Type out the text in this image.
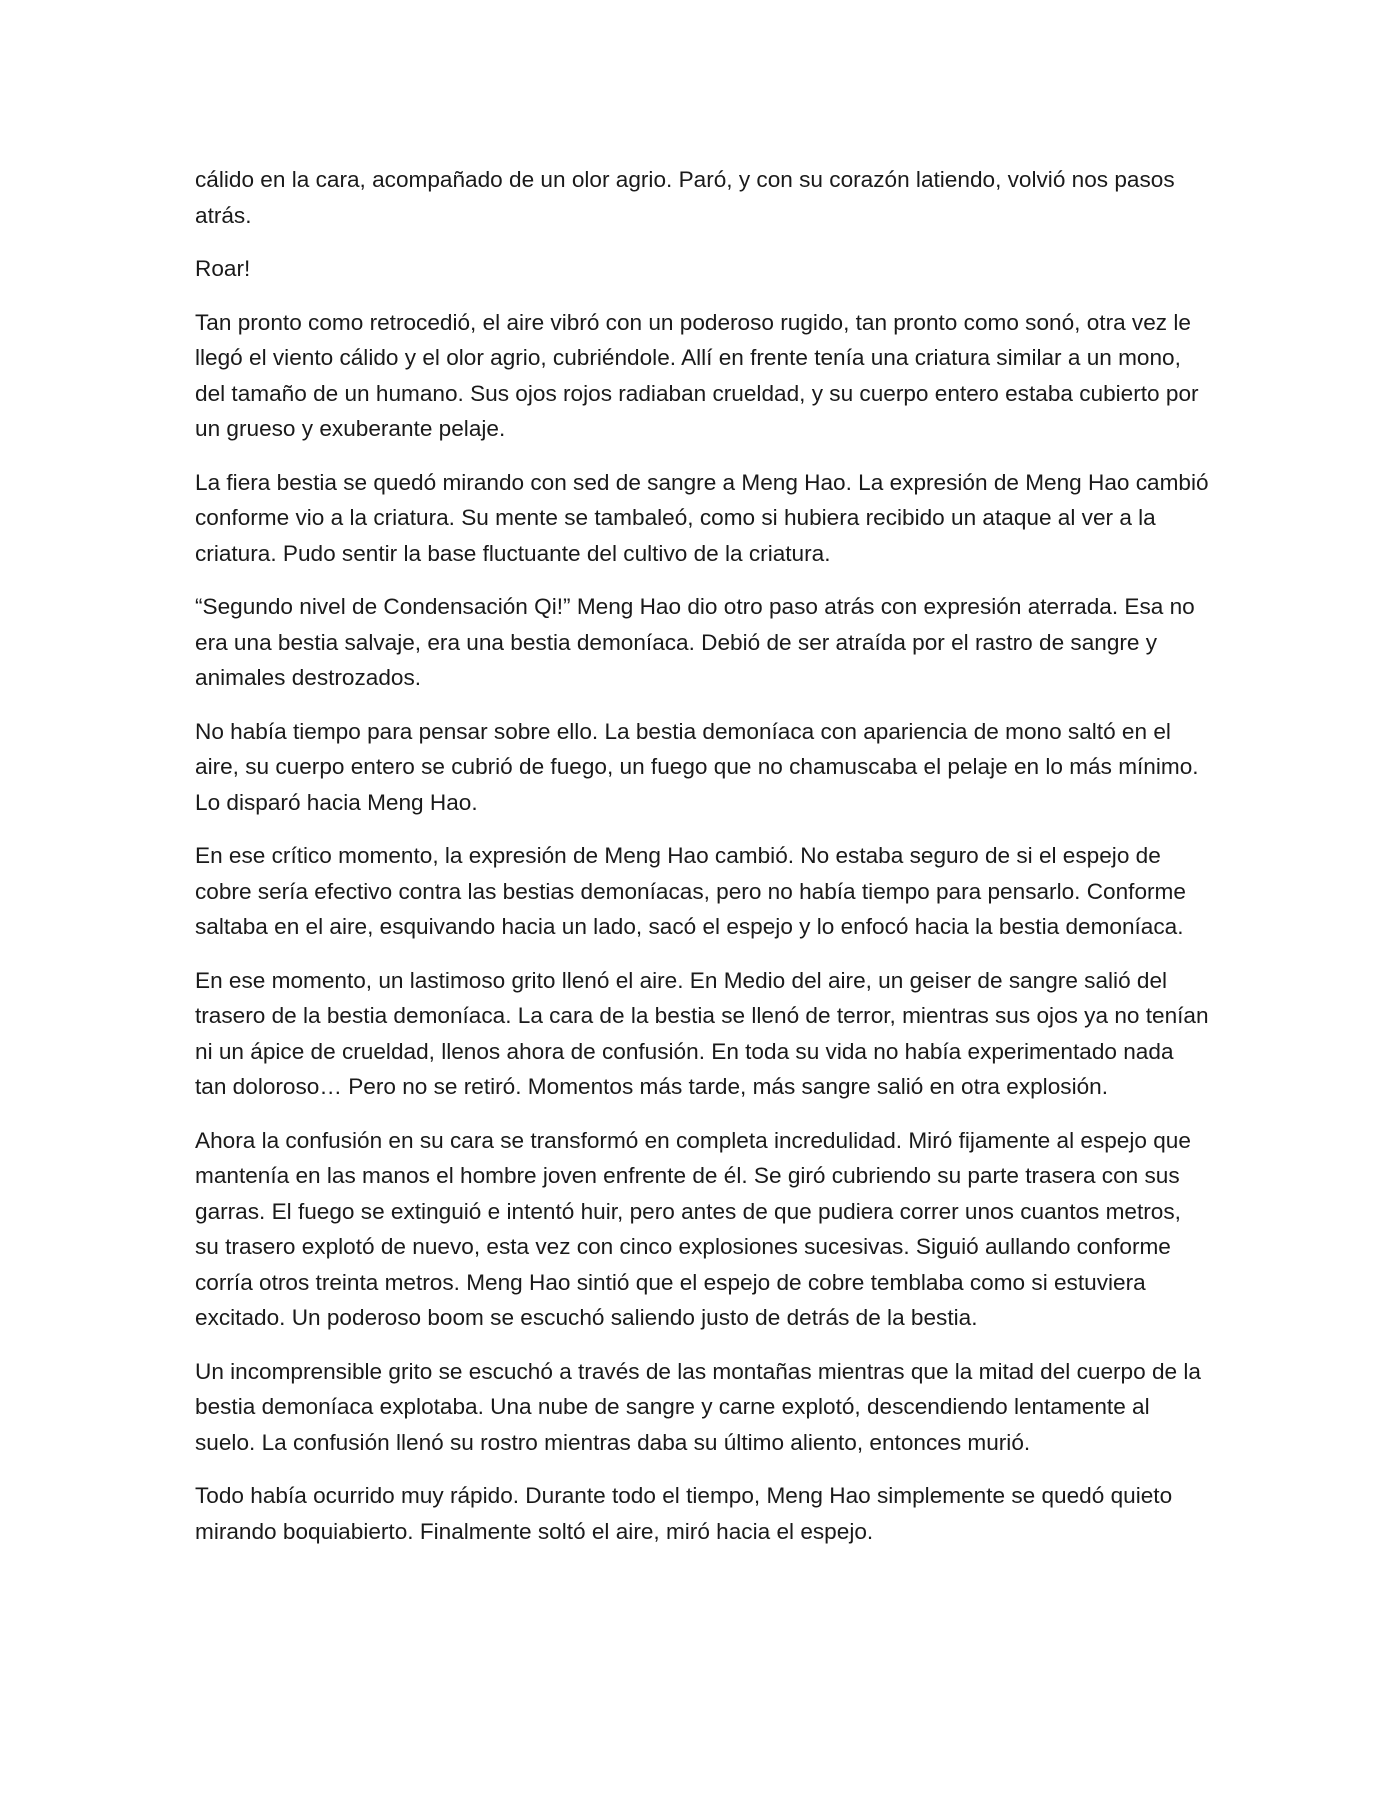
cálido en la cara, acompañado de un olor agrio. Paró, y con su corazón latiendo, volvió nos pasos atrás.

Roar!

Tan pronto como retrocedió, el aire vibró con un poderoso rugido, tan pronto como sonó, otra vez le llegó el viento cálido y el olor agrio, cubriéndole. Allí en frente tenía una criatura similar a un mono, del tamaño de un humano. Sus ojos rojos radiaban crueldad, y su cuerpo entero estaba cubierto por un grueso y exuberante pelaje.

La fiera bestia se quedó mirando con sed de sangre a Meng Hao. La expresión de Meng Hao cambió conforme vio a la criatura. Su mente se tambaleó, como si hubiera recibido un ataque al ver a la criatura. Pudo sentir la base fluctuante del cultivo de la criatura.

“Segundo nivel de Condensación Qi!” Meng Hao dio otro paso atrás con expresión aterrada. Esa no era una bestia salvaje, era una bestia demoníaca. Debió de ser atraída por el rastro de sangre y animales destrozados.

No había tiempo para pensar sobre ello. La bestia demoníaca con apariencia de mono saltó en el aire, su cuerpo entero se cubrió de fuego, un fuego que no chamuscaba el pelaje en lo más mínimo. Lo disparó hacia Meng Hao.

En ese crítico momento, la expresión de Meng Hao cambió. No estaba seguro de si el espejo de cobre sería efectivo contra las bestias demoníacas, pero no había tiempo para pensarlo. Conforme saltaba en el aire, esquivando hacia un lado, sacó el espejo y lo enfocó hacia la bestia demoníaca.

En ese momento, un lastimoso grito llenó el aire. En Medio del aire, un geiser de sangre salió del trasero de la bestia demoníaca. La cara de la bestia se llenó de terror, mientras sus ojos ya no tenían ni un ápice de crueldad, llenos ahora de confusión. En toda su vida no había experimentado nada tan doloroso… Pero no se retiró. Momentos más tarde, más sangre salió en otra explosión.

Ahora la confusión en su cara se transformó en completa incredulidad. Miró fijamente al espejo que mantenía en las manos el hombre joven enfrente de él. Se giró cubriendo su parte trasera con sus garras. El fuego se extinguió e intentó huir, pero antes de que pudiera correr unos cuantos metros, su trasero explotó de nuevo, esta vez con cinco explosiones sucesivas. Siguió aullando conforme corría otros treinta metros. Meng Hao sintió que el espejo de cobre temblaba como si estuviera excitado. Un poderoso boom se escuchó saliendo justo de detrás de la bestia.

Un incomprensible grito se escuchó a través de las montañas mientras que la mitad del cuerpo de la bestia demoníaca explotaba. Una nube de sangre y carne explotó, descendiendo lentamente al suelo. La confusión llenó su rostro mientras daba su último aliento, entonces murió.

Todo había ocurrido muy rápido. Durante todo el tiempo, Meng Hao simplemente se quedó quieto mirando boquiabierto. Finalmente soltó el aire, miró hacia el espejo.
